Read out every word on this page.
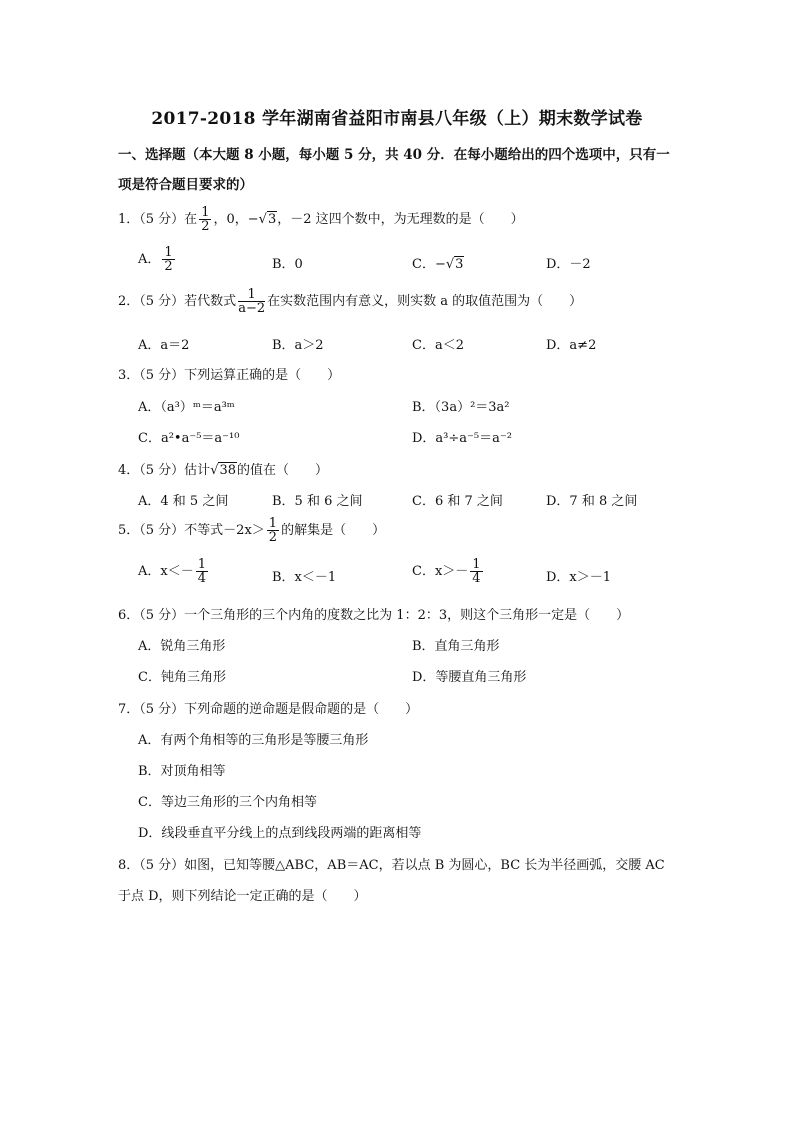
2017-2018 学年湖南省益阳市南县八年级（上）期末数学试卷
一、选择题（本大题 8 小题，每小题 5 分，共 40 分．在每小题给出的四个选项中，只有一
项是符合题目要求的）
1．（5 分）在 $\frac{1}{2}$ ，0，−√3，－2 这四个数中，为无理数的是（　　）
A． $\frac{1}{2}$	B．0	C．−√3	D．－2
2．（5 分）若代数式 $\frac{1}{a-2}$ 在实数范围内有意义，则实数 a 的取值范围为（　　）
A．a＝2	B．a＞2	C．a＜2	D．a≠2
3．（5 分）下列运算正确的是（　　）
A．（a³）ᵐ＝a³ᵐ	B．（3a）²＝3a²
C．a²•a⁻⁵＝a⁻¹⁰	D．a³÷a⁻⁵＝a⁻²
4．（5 分）估计√38的值在（　　）
A．4 和 5 之间	B．5 和 6 之间	C．6 和 7 之间	D．7 和 8 之间
5．（5 分）不等式$-2x> \frac{1}{2}$ 的解集是（　　）
A．$x<- \frac{1}{4}$	B．x＜－1	C．$x>- \frac{1}{4}$	D．x＞－1
6．（5 分）一个三角形的三个内角的度数之比为 1：2：3，则这个三角形一定是（　　）
A．锐角三角形	B．直角三角形
C．钝角三角形	D．等腰直角三角形
7．（5 分）下列命题的逆命题是假命题的是（　　）
A．有两个角相等的三角形是等腰三角形
B．对顶角相等
C．等边三角形的三个内角相等
D．线段垂直平分线上的点到线段两端的距离相等
8．（5 分）如图，已知等腰△ABC，AB＝AC，若以点 B 为圆心，BC 长为半径画弧，交腰 AC
于点 D，则下列结论一定正确的是（　　）
